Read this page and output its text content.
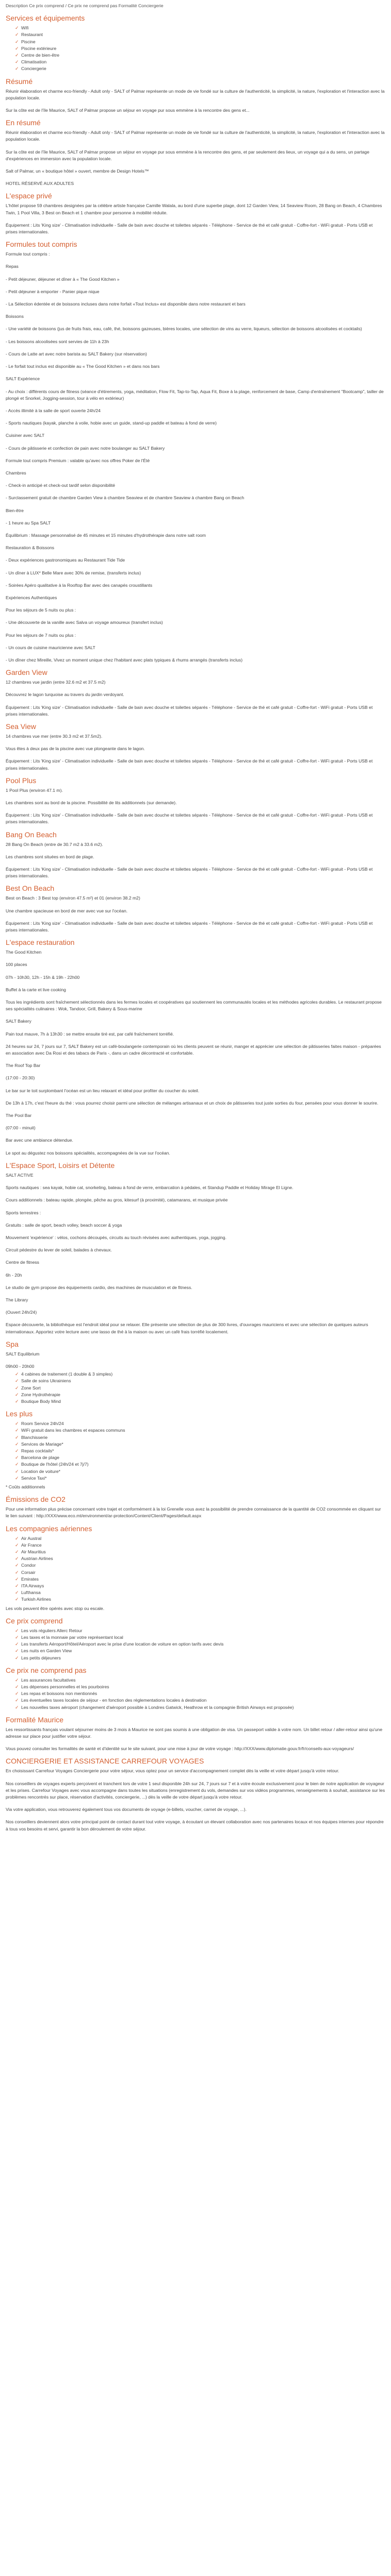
Description Ce prix comprend / Ce prix ne comprend pas Formalité Conciergerie
Services et équipements
✓ Wifi
✓ Restaurant
✓ Piscine
✓ Piscine extérieure
✓ Centre de bien-être
✓ Climatisation
✓ Conciergerie
Résumé

Réunir élaboration et charme eco-friendly - Adult only - SALT of Palmar représente un mode de vie fondé sur la culture de l'authenticité, la simplicité, la nature, l'exploration et l'interaction avec la population locale.

Sur la côte est de l'île Maurice, SALT of Palmar propose un séjour en voyage pur sous emmène à la rencontre des gens et...

En résumé

Réunir élaboration et charme eco-friendly - Adult only - SALT of Palmar représente un mode de vie fondé sur la culture de l'authenticité, la simplicité, la nature, l'exploration et l'interaction avec la population locale.

Sur la côte est de l'île Maurice, SALT of Palmar propose un séjour en voyage pur sous emmène à la rencontre des gens, et par seulement des lieux, un voyage qui a du sens, un partage d'expériences en immersion avec la population locale.

Salt of Palmar, un « boutique hôtel » ouvert, membre de Design Hotels™

HOTEL RÉSERVÉ AUX ADULTES

L'espace privé

L'hôtel propose 59 chambres designées par la célèbre artiste française Camille Walala, au bord d'une superbe plage, dont 12 Garden View, 14 Seaview Room, 28 Bang on Beach, 4 Chambres Twin, 1 Pool Villa, 3 Best on Beach et 1 chambre pour personne à mobilité réduite.

Équipement : Lits 'King size' - Climatisation individuelle - Salle de bain avec douche et toilettes séparés - Téléphone - Service de thé et café gratuit - Coffre-fort - WiFi gratuit - Ports USB et prises internationales.

Formules tout compris

Formule tout compris :

Repas

- Petit déjeuner, déjeuner et dîner à « The Good Kitchen »

- Petit déjeuner à emporter - Panier pique nique

- La Sélection édentée et de boissons incluses dans notre forfait «Tout Inclus» est disponible dans notre restaurant et bars

Boissons

- Une variété de boissons (jus de fruits frais, eau, café, thé, boissons gazeuses, bières locales, une sélection de vins au verre, liqueurs, sélection de boissons alcoolisées et cocktails)

- Les boissons alcoolisées sont servies de 11h à 23h

- Cours de Latte art avec notre barista au SALT Bakery (sur réservation)

- Le forfait tout inclus est disponible au « The Good Kitchen » et dans nos bars

SALT Expérience

- Au choix : différents cours de fitness (séance d'étirements, yoga, méditation, Flow Fit, Tap-to-Tap, Aqua Fit, Boxe à la plage, renforcement de base, Camp d'entraînement "Bootcamp", tailler de plongé et Snorkel, Jogging-session, tour à vélo en extérieur)

- Accès illimité à la salle de sport ouverte 24h/24

- Sports nautiques (kayak, planche à voile, hobie avec un guide, stand-up paddle et bateau à fond de verre)

Cuisiner avec SALT

- Cours de pâtisserie et confection de pain avec notre boulanger au SALT Bakery

Formule tout compris Premium : valable qu'avec nos offres Poker de l'Été

Chambres

- Check-in anticipé et check-out tardif selon disponibilité

- Surclassement gratuit de chambre Garden View à chambre Seaview et de chambre Seaview à chambre Bang on Beach

Bien-être

- 1 heure au Spa SALT

Équilibrium : Massage personnalisé de 45 minutes et 15 minutes d'hydrothérapie dans notre salt room

Restauration & Boissons

- Deux expériences gastronomiques au Restaurant Tide Tide

- Un dîner à LUX* Belle Mare avec 30% de remise, (transferts inclus)

- Soirées Apéro qualitative à la Rooftop Bar avec des canapés croustillants

Expériences Authentiques

Pour les séjours de 5 nuits ou plus :

- Une découverte de la vanille avec Salva un voyage amoureux (transfert inclus)

Pour les séjours de 7 nuits ou plus :

- Un cours de cuisine mauricienne avec SALT

- Un dîner chez Mireille, Vivez un moment unique chez l'habitant avec plats typiques & rhums arrangés (transferts inclus)

Garden View

12 chambres vue jardin (entre 32.6 m2 et 37.5 m2)

Découvrez le lagon turquoise au travers du jardin verdoyant.

Équipement : Lits 'King size' - Climatisation individuelle - Salle de bain avec douche et toilettes séparés - Téléphone - Service de thé et café gratuit - Coffre-fort - WiFi gratuit - Ports USB et prises internationales.

Sea View

14 chambres vue mer (entre 30.3 m2 et 37.5m2).

Vous êtes à deux pas de la piscine avec vue plongeante dans le lagon.

Équipement : Lits 'King size' - Climatisation individuelle - Salle de bain avec douche et toilettes séparés - Téléphone - Service de thé et café gratuit - Coffre-fort - WiFi gratuit - Ports USB et prises internationales.

Pool Plus

1 Pool Plus (environ 47.1 m).

Les chambres sont au bord de la piscine. Possibilité de lits additionnels (sur demande).

Équipement : Lits 'King size' - Climatisation individuelle - Salle de bain avec douche et toilettes séparés - Téléphone - Service de thé et café gratuit - Coffre-fort - WiFi gratuit - Ports USB et prises internationales.

Bang On Beach

28 Bang On Beach (entre de 30.7 m2 à 33.6 m2).

Les chambres sont situées en bord de plage.

Équipement : Lits 'King size' - Climatisation individuelle - Salle de bain avec douche et toilettes séparés - Téléphone - Service de thé et café gratuit - Coffre-fort - WiFi gratuit - Ports USB et prises internationales.

Best On Beach

Best on Beach : 3 Best top (environ 47.5 m²) et 01 (environ 38.2 m2)

Une chambre spacieuse en bord de mer avec vue sur l'océan.

Équipement : Lits 'King size' - Climatisation individuelle - Salle de bain avec douche et toilettes séparés - Téléphone - Service de thé et café gratuit - Coffre-fort - WiFi gratuit - Ports USB et prises internationales.

L'espace restauration

The Good Kitchen

100 places

07h - 10h30, 12h - 15h & 19h - 22h00

Buffet à la carte et live cooking

Tous les ingrédients sont fraîchement sélectionnés dans les fermes locales et coopératives qui soutiennent les communautés locales et les méthodes agricoles durables. Le restaurant propose ses spécialités culinaires : Wok, Tandoor, Grill, Bakery & Sous-marine

SALT Bakery

Pain tout mauve, 7h à 13h30 : se mettre ensuite tiré est, par café fraîchement torréfié.

24 heures sur 24, 7 jours sur 7, SALT Bakery est un café-boulangerie contemporain où les clients peuvent se réunir, manger et apprécier une sélection de pâtisseries faites maison - préparées en association avec Da Rosi et des tabacs de Paris -, dans un cadre décontracté et confortable.

The Roof Top Bar

(17:00 - 20:30)

Le bar sur le toit surplombant l'océan est un lieu relaxant et idéal pour profiter du coucher du soleil.

De 13h à 17h, c'est l'heure du thé : vous pourrez choisir parmi une sélection de mélanges artisanaux et un choix de pâtisseries tout juste sorties du four, pensées pour vous donner le sourire.

The Pool Bar

(07:00 - minuit)

Bar avec une ambiance détendue.

Le spot au dégustez nos boissons spécialités, accompagnées de la vue sur l'océan.

L'Espace Sport, Loisirs et Détente

SALT ACTIVE

Sports nautiques : sea kayak, hobie cat, snorkeling, bateau à fond de verre, embarcation à pédales, et Standup Paddle et Holiday Mirage El Ligne.

Cours additionnels : bateau rapide, plongée, pêche au gros, kitesurf (à proximité), catamarans, et musique privée

Sports terrestres :

Gratuits : salle de sport, beach volley, beach soccer & yoga

Mouvement 'expérience' : vélos, cochons découpés, circuits au touch révisées avec authentiques, yoga, jogging.

Circuit pédestre du lever de soleil, balades à chevaux.

Centre de fitness

6h - 20h

Le studio de gym propose des équipements cardio, des machines de musculation et de fitness.

The Library

(Ouvert 24h/24)

Espace découverte, la bibliothèque est l'endroit idéal pour se relaxer. Elle présente une sélection de plus de 300 livres, d'ouvrages mauriciens et avec une sélection de quelques auteurs internationaux. Apportez votre lecture avec une lasso de thé à la maison ou avec un café frais torréfié localement.

Spa

SALT Equilibrium

09h00 - 20h00

✓ 4 cabines de traitement (1 double & 3 simples)
✓ Salle de soins Ukrainiens
✓ Zone Sort
✓ Zone Hydrothérapie
✓ Boutique Body Mind
Les plus
✓ Room Service 24h/24
✓ WiFi gratuit dans les chambres et espaces communs
✓ Blanchisserie
✓ Services de Mariage*
✓ Repas cocktails*
✓ Barcelona de plage
✓ Boutique de l'hôtel (24h/24 et 7j/7)
✓ Location de voiture*
✓ Service Taxi*

* Coûts additionnels

Émissions de CO2

Pour une information plus précise concernant votre trajet et conformément à la loi Grenelle vous avez la possibilité de prendre connaissance de la quantité de CO2 consommée en cliquant sur le lien suivant : http://XXX/www.eco.mt/environment/ar-protection/Content/Client/Pages/default.aspx

Les compagnies aériennes
✓ Air Austral
✓ Air France
✓ Air Mauritius
✓ Austrian Airlines
✓ Condor
✓ Corsair
✓ Emirates
✓ ITA Airways
✓ Lufthansa
✓ Turkish Airlines

Les vols peuvent être opérés avec stop ou escale.

Ce prix comprend
✓ Les vols réguliers Allerc Retour
✓ Les taxes et la monnaie par votre représentant local
✓ Les transferts Aéroport/Hôtel/Aéroport avec le prise d'une location de voiture en option tarifs avec devis
✓ Les nuits en Garden View
✓ Les petits déjeuners
Ce prix ne comprend pas
✓ Les assurances facultatives
✓ Les dépenses personnelles et les pourboires
✓ Les repas et boissons non mentionnés
✓ Les éventuelles taxes locales de séjour - en fonction des réglementations locales à destination
✓ Les nouvelles taxes aéroport (changement d'aéroport possible à Londres Gatwick, Heathrow et la compagnie British Airways est proposée)
Formalité Maurice

Les ressortissants français voulant séjourner moins de 3 mois à Maurice ne sont pas soumis à une obligation de visa. Un passeport valide à votre nom. Un billet retour / aller-retour ainsi qu'une adresse sur place pour justifier votre séjour.

Vous pouvez consulter les formalités de santé et d'identité sur le site suivant, pour une mise à jour de votre voyage : http://XXX/www.diplomatie.gouv.fr/fr/conseils-aux-voyageurs/

CONCIERGERIE ET ASSISTANCE CARREFOUR VOYAGES

En choisissant Carrefour Voyages Conciergerie pour votre séjour, vous optez pour un service d'accompagnement complet dès la veille et votre départ jusqu'à votre retour.

Nos conseillers de voyages experts perçoivent et tranchent lors de votre 1 seul disponible 24h sur 24, 7 jours sur 7 et à votre écoute exclusivement pour le bien de notre application de voyageur et les prises. Carrefour Voyages avec vous accompagne dans toutes les situations (enregistrement du vols, demandes sur vos vidéos programmes, renseignements à souhait, assistance sur les problèmes rencontrés sur place, réservation d'activités, conciergerie, ...) dès la veille de votre départ jusqu'à votre retour.

Via votre application, vous retrouverez également tous vos documents de voyage (e-billets, voucher, carnet de voyage, ...).

Nos conseillers deviennent alors votre principal point de contact durant tout votre voyage, à écoutant un élevant collaboration avec nos partenaires locaux et nos équipes internes pour répondre à tous vos besoins et servi, garantir la bon déroulement de votre séjour.
